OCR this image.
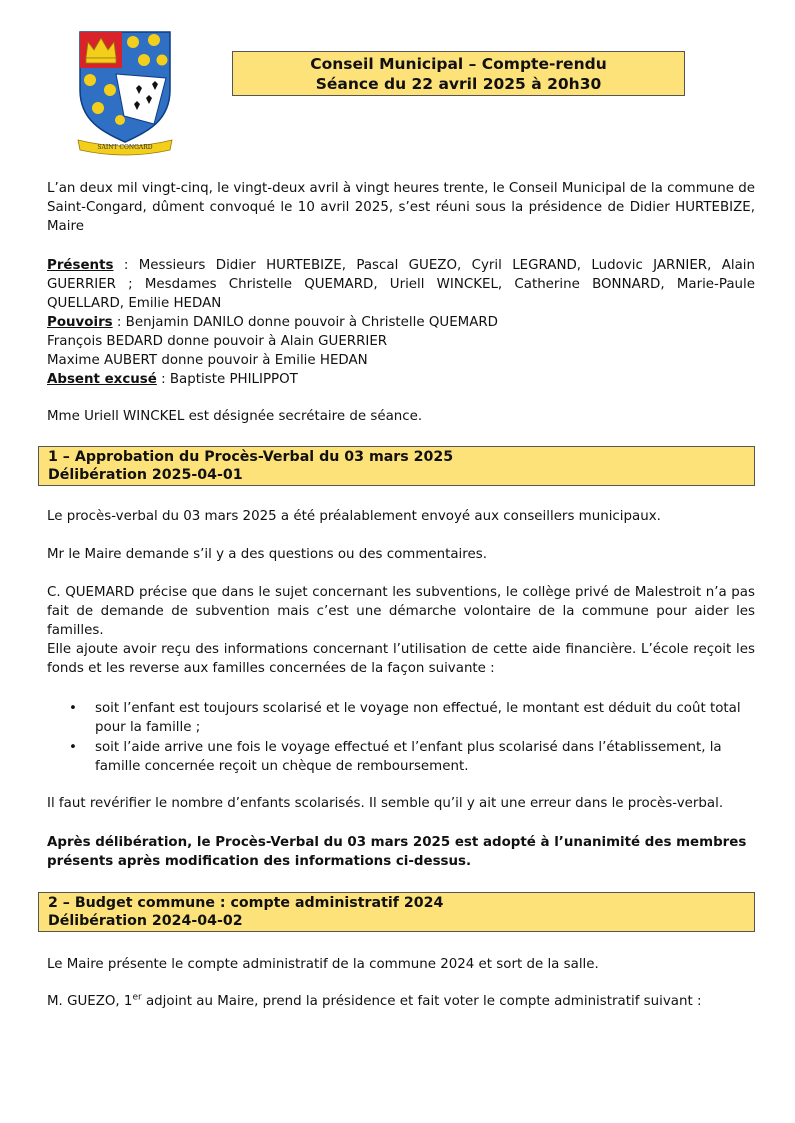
SAINT CONGARD
Conseil Municipal – Compte-rendu
Séance du 22 avril 2025 à 20h30
L’an deux mil vingt-cinq, le vingt-deux avril à vingt heures trente, le Conseil Municipal de la commune de Saint-Congard, dûment convoqué le 10 avril 2025, s’est réuni sous la présidence de Didier HURTEBIZE, Maire
Présents : Messieurs Didier HURTEBIZE, Pascal GUEZO, Cyril LEGRAND, Ludovic JARNIER, Alain GUERRIER ; Mesdames Christelle QUEMARD, Uriell WINCKEL, Catherine BONNARD, Marie-Paule QUELLARD, Emilie HEDAN
Pouvoirs : Benjamin DANILO donne pouvoir à Christelle QUEMARD
François BEDARD donne pouvoir à Alain GUERRIER
Maxime AUBERT donne pouvoir à Emilie HEDAN
Absent excusé : Baptiste PHILIPPOT
Mme Uriell WINCKEL est désignée secrétaire de séance.
1 – Approbation du Procès-Verbal du 03 mars 2025
Délibération 2025-04-01
Le procès-verbal du 03 mars 2025 a été préalablement envoyé aux conseillers municipaux.
Mr le Maire demande s’il y a des questions ou des commentaires.
C. QUEMARD précise que dans le sujet concernant les subventions, le collège privé de Malestroit n’a pas fait de demande de subvention mais c’est une démarche volontaire de la commune pour aider les familles.
Elle ajoute avoir reçu des informations concernant l’utilisation de cette aide financière. L’école reçoit les fonds et les reverse aux familles concernées de la façon suivante :
• soit l’enfant est toujours scolarisé et le voyage non effectué, le montant est déduit du coût total pour la famille ;
• soit l’aide arrive une fois le voyage effectué et l’enfant plus scolarisé dans l’établissement, la famille concernée reçoit un chèque de remboursement.
Il faut revérifier le nombre d’enfants scolarisés. Il semble qu’il y ait une erreur dans le procès-verbal.
Après délibération, le Procès-Verbal du 03 mars 2025 est adopté à l’unanimité des membres présents après modification des informations ci-dessus.
2 – Budget commune : compte administratif 2024
Délibération 2024-04-02
Le Maire présente le compte administratif de la commune 2024 et sort de la salle.
M. GUEZO, 1er adjoint au Maire, prend la présidence et fait voter le compte administratif suivant :
